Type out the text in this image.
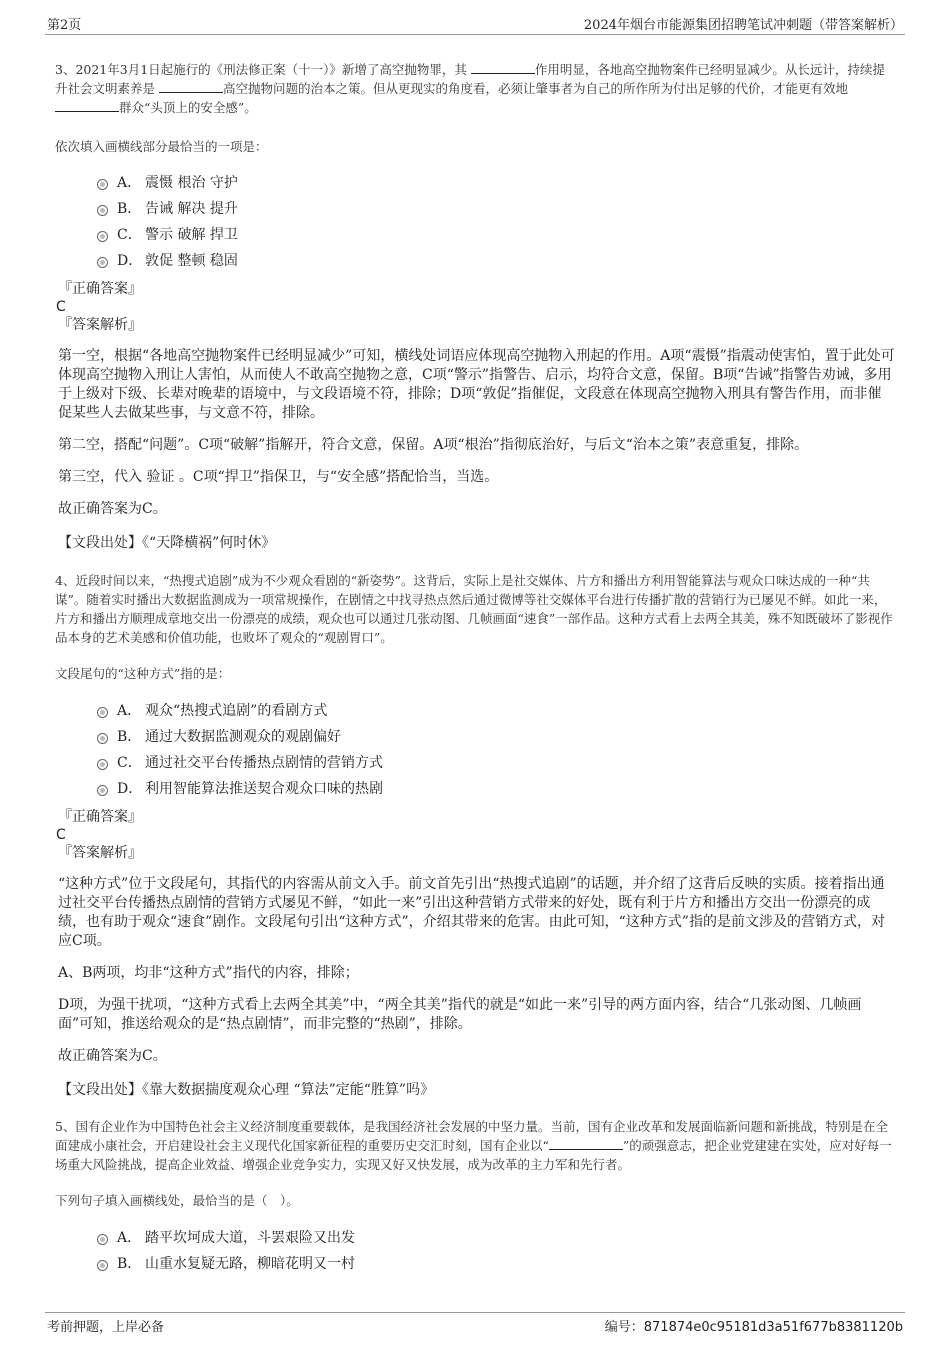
第2页	2024年烟台市能源集团招聘笔试冲刺题（带答案解析）

3、2021年3月1日起施行的《刑法修正案（十一）》新增了高空抛物罪，其	作用明显，各地高空抛物案件已经明显减少。从长远计，持续提升社会文明素养是	高空抛物问题的治本之策。但从更现实的角度看，必须让肇事者为自己的所作所为付出足够的代价，才能更有效地 群众“头顶上的安全感”。

依次填入画横线部分最恰当的一项是：

A． 震慑 根治 守护
B． 告诫 解决 提升
C． 警示 破解 捍卫
D． 敦促 整顿 稳固

『正确答案』

C

『答案解析』

第一空，根据“各地高空抛物案件已经明显减少”可知，横线处词语应体现高空抛物入刑起的作用。A项“震慑”指震动使害怕，置于此处可体现高空抛物入刑让人害怕，从而使人不敢高空抛物之意，C项“警示”指警告、启示，均符合文意，保留。B项“告诫”指警告劝诫，多用于上级对下级、长辈对晚辈的语境中，与文段语境不符，排除；D项“敦促”指催促，文段意在体现高空抛物入刑具有警告作用，而非催促某些人去做某些事，与文意不符，排除。

第二空，搭配“问题”。C项“破解”指解开，符合文意，保留。A项“根治”指彻底治好，与后文“治本之策”表意重复，排除。

第三空，代入 验证 。C项“捍卫”指保卫，与“安全感”搭配恰当，当选。

故正确答案为C。

【文段出处】《“天降横祸”何时休》

4、近段时间以来，“热搜式追剧”成为不少观众看剧的“新姿势”。这背后，实际上是社交媒体、片方和播出方利用智能算法与观众口味达成的一种“共谋”。随着实时播出大数据监测成为一项常规操作，在剧情之中找寻热点然后通过微博等社交媒体平台进行传播扩散的营销行为已屡见不鲜。如此一来，片方和播出方顺理成章地交出一份漂亮的成绩，观众也可以通过几张动图、几帧画面“速食”一部作品。这种方式看上去两全其美，殊不知既破坏了影视作品本身的艺术美感和价值功能，也败坏了观众的“观剧胃口”。

文段尾句的“这种方式”指的是：

A． 观众“热搜式追剧”的看剧方式
B． 通过大数据监测观众的观剧偏好
C． 通过社交平台传播热点剧情的营销方式
D． 利用智能算法推送契合观众口味的热剧

『正确答案』

C

『答案解析』

“这种方式”位于文段尾句，其指代的内容需从前文入手。前文首先引出“热搜式追剧”的话题，并介绍了这背后反映的实质。接着指出通过社交平台传播热点剧情的营销方式屡见不鲜，“如此一来”引出这种营销方式带来的好处，既有利于片方和播出方交出一份漂亮的成绩，也有助于观众“速食”剧作。文段尾句引出“这种方式”，介绍其带来的危害。由此可知，“这种方式”指的是前文涉及的营销方式，对应C项。

A、B两项，均非“这种方式”指代的内容，排除；

D项，为强干扰项，“这种方式看上去两全其美”中，“两全其美”指代的就是“如此一来”引导的两方面内容，结合“几张动图、几帧画面”可知，推送给观众的是“热点剧情”，而非完整的“热剧”，排除。

故正确答案为C。

【文段出处】《靠大数据揣度观众心理 “算法”定能“胜算”吗》

5、国有企业作为中国特色社会主义经济制度重要载体，是我国经济社会发展的中坚力量。当前，国有企业改革和发展面临新问题和新挑战，特别是在全面建成小康社会，开启建设社会主义现代化国家新征程的重要历史交汇时刻，国有企业以“	”的顽强意志，把企业党建建在实处，应对好每一场重大风险挑战，提高企业效益、增强企业竞争实力，实现又好又快发展，成为改革的主力军和先行者。

下列句子填入画横线处，最恰当的是（　）。

A． 踏平坎坷成大道，斗罢艰险又出发
B． 山重水复疑无路，柳暗花明又一村
考前押题，上岸必备	编号：871874e0c95181d3a51f677b8381120b
